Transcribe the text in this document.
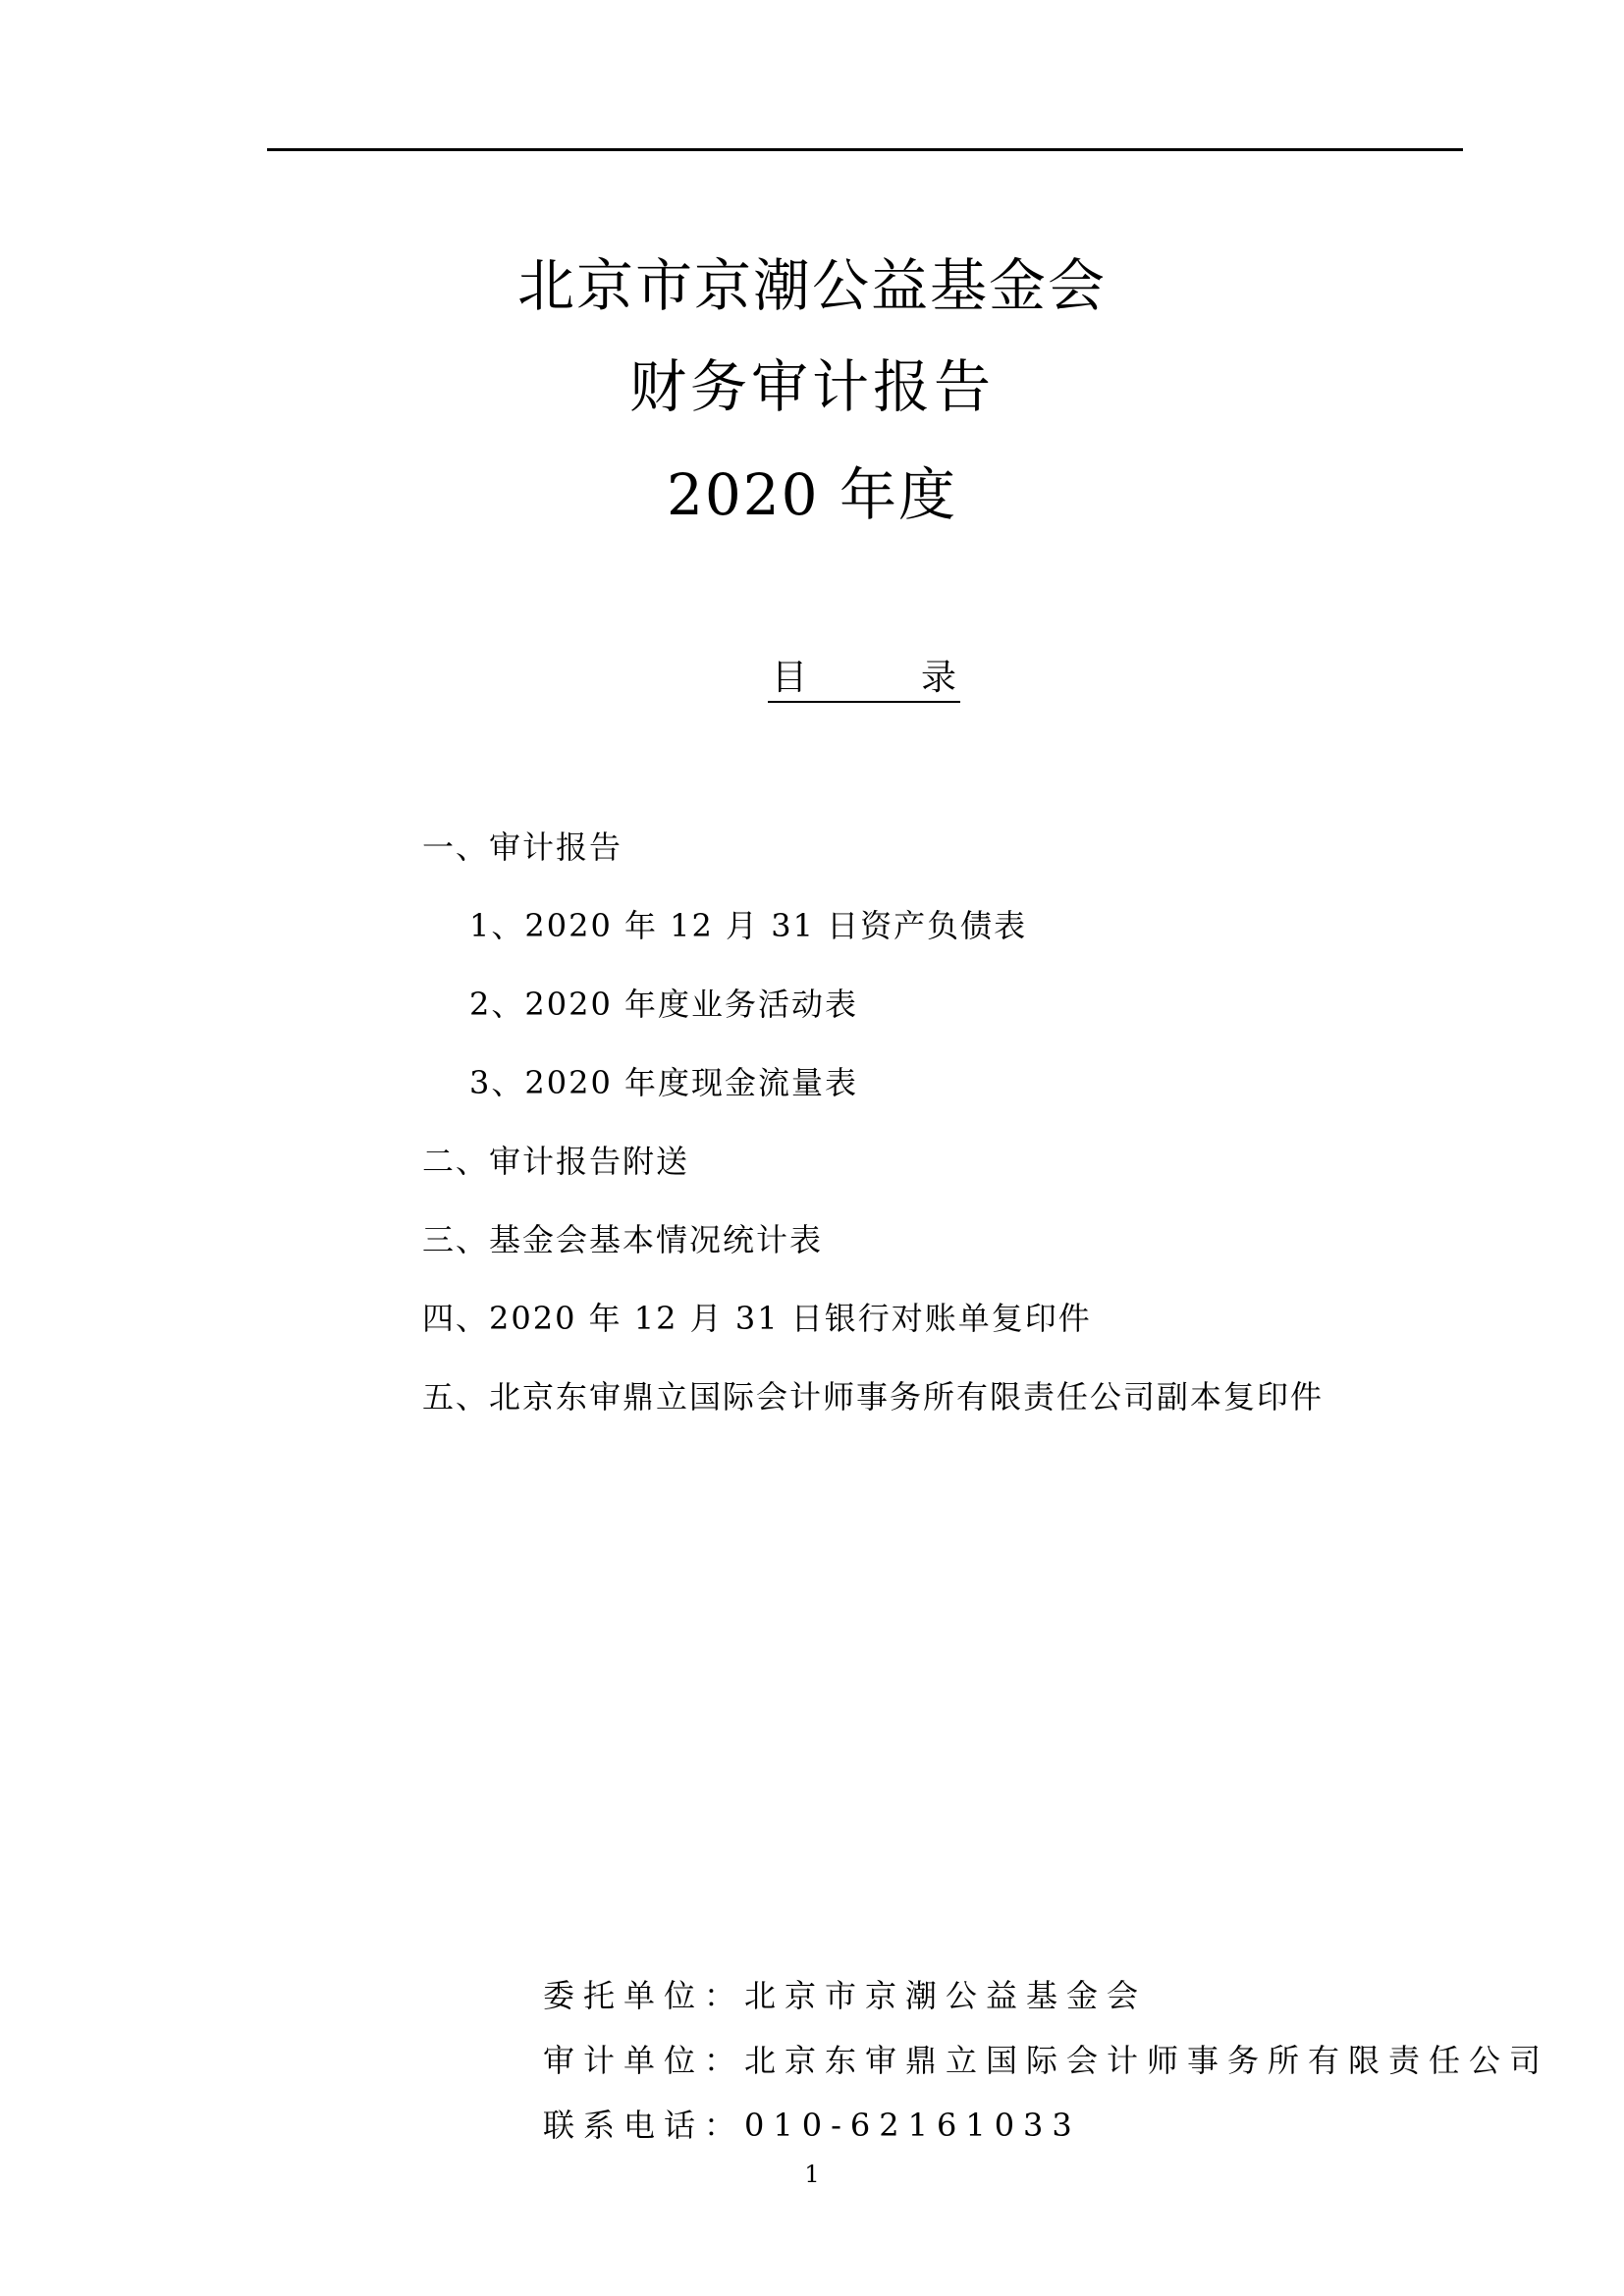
北京市京潮公益基金会
财务审计报告
2020 年度
目	录
一、审计报告
1、2020 年 12 月 31 日资产负债表
2、2020 年度业务活动表
3、2020 年度现金流量表
二、审计报告附送
三、基金会基本情况统计表
四、2020 年 12 月 31 日银行对账单复印件
五、北京东审鼎立国际会计师事务所有限责任公司副本复印件
委托单位：北京市京潮公益基金会
审计单位：北京东审鼎立国际会计师事务所有限责任公司
联系电话：010-62161033
1
